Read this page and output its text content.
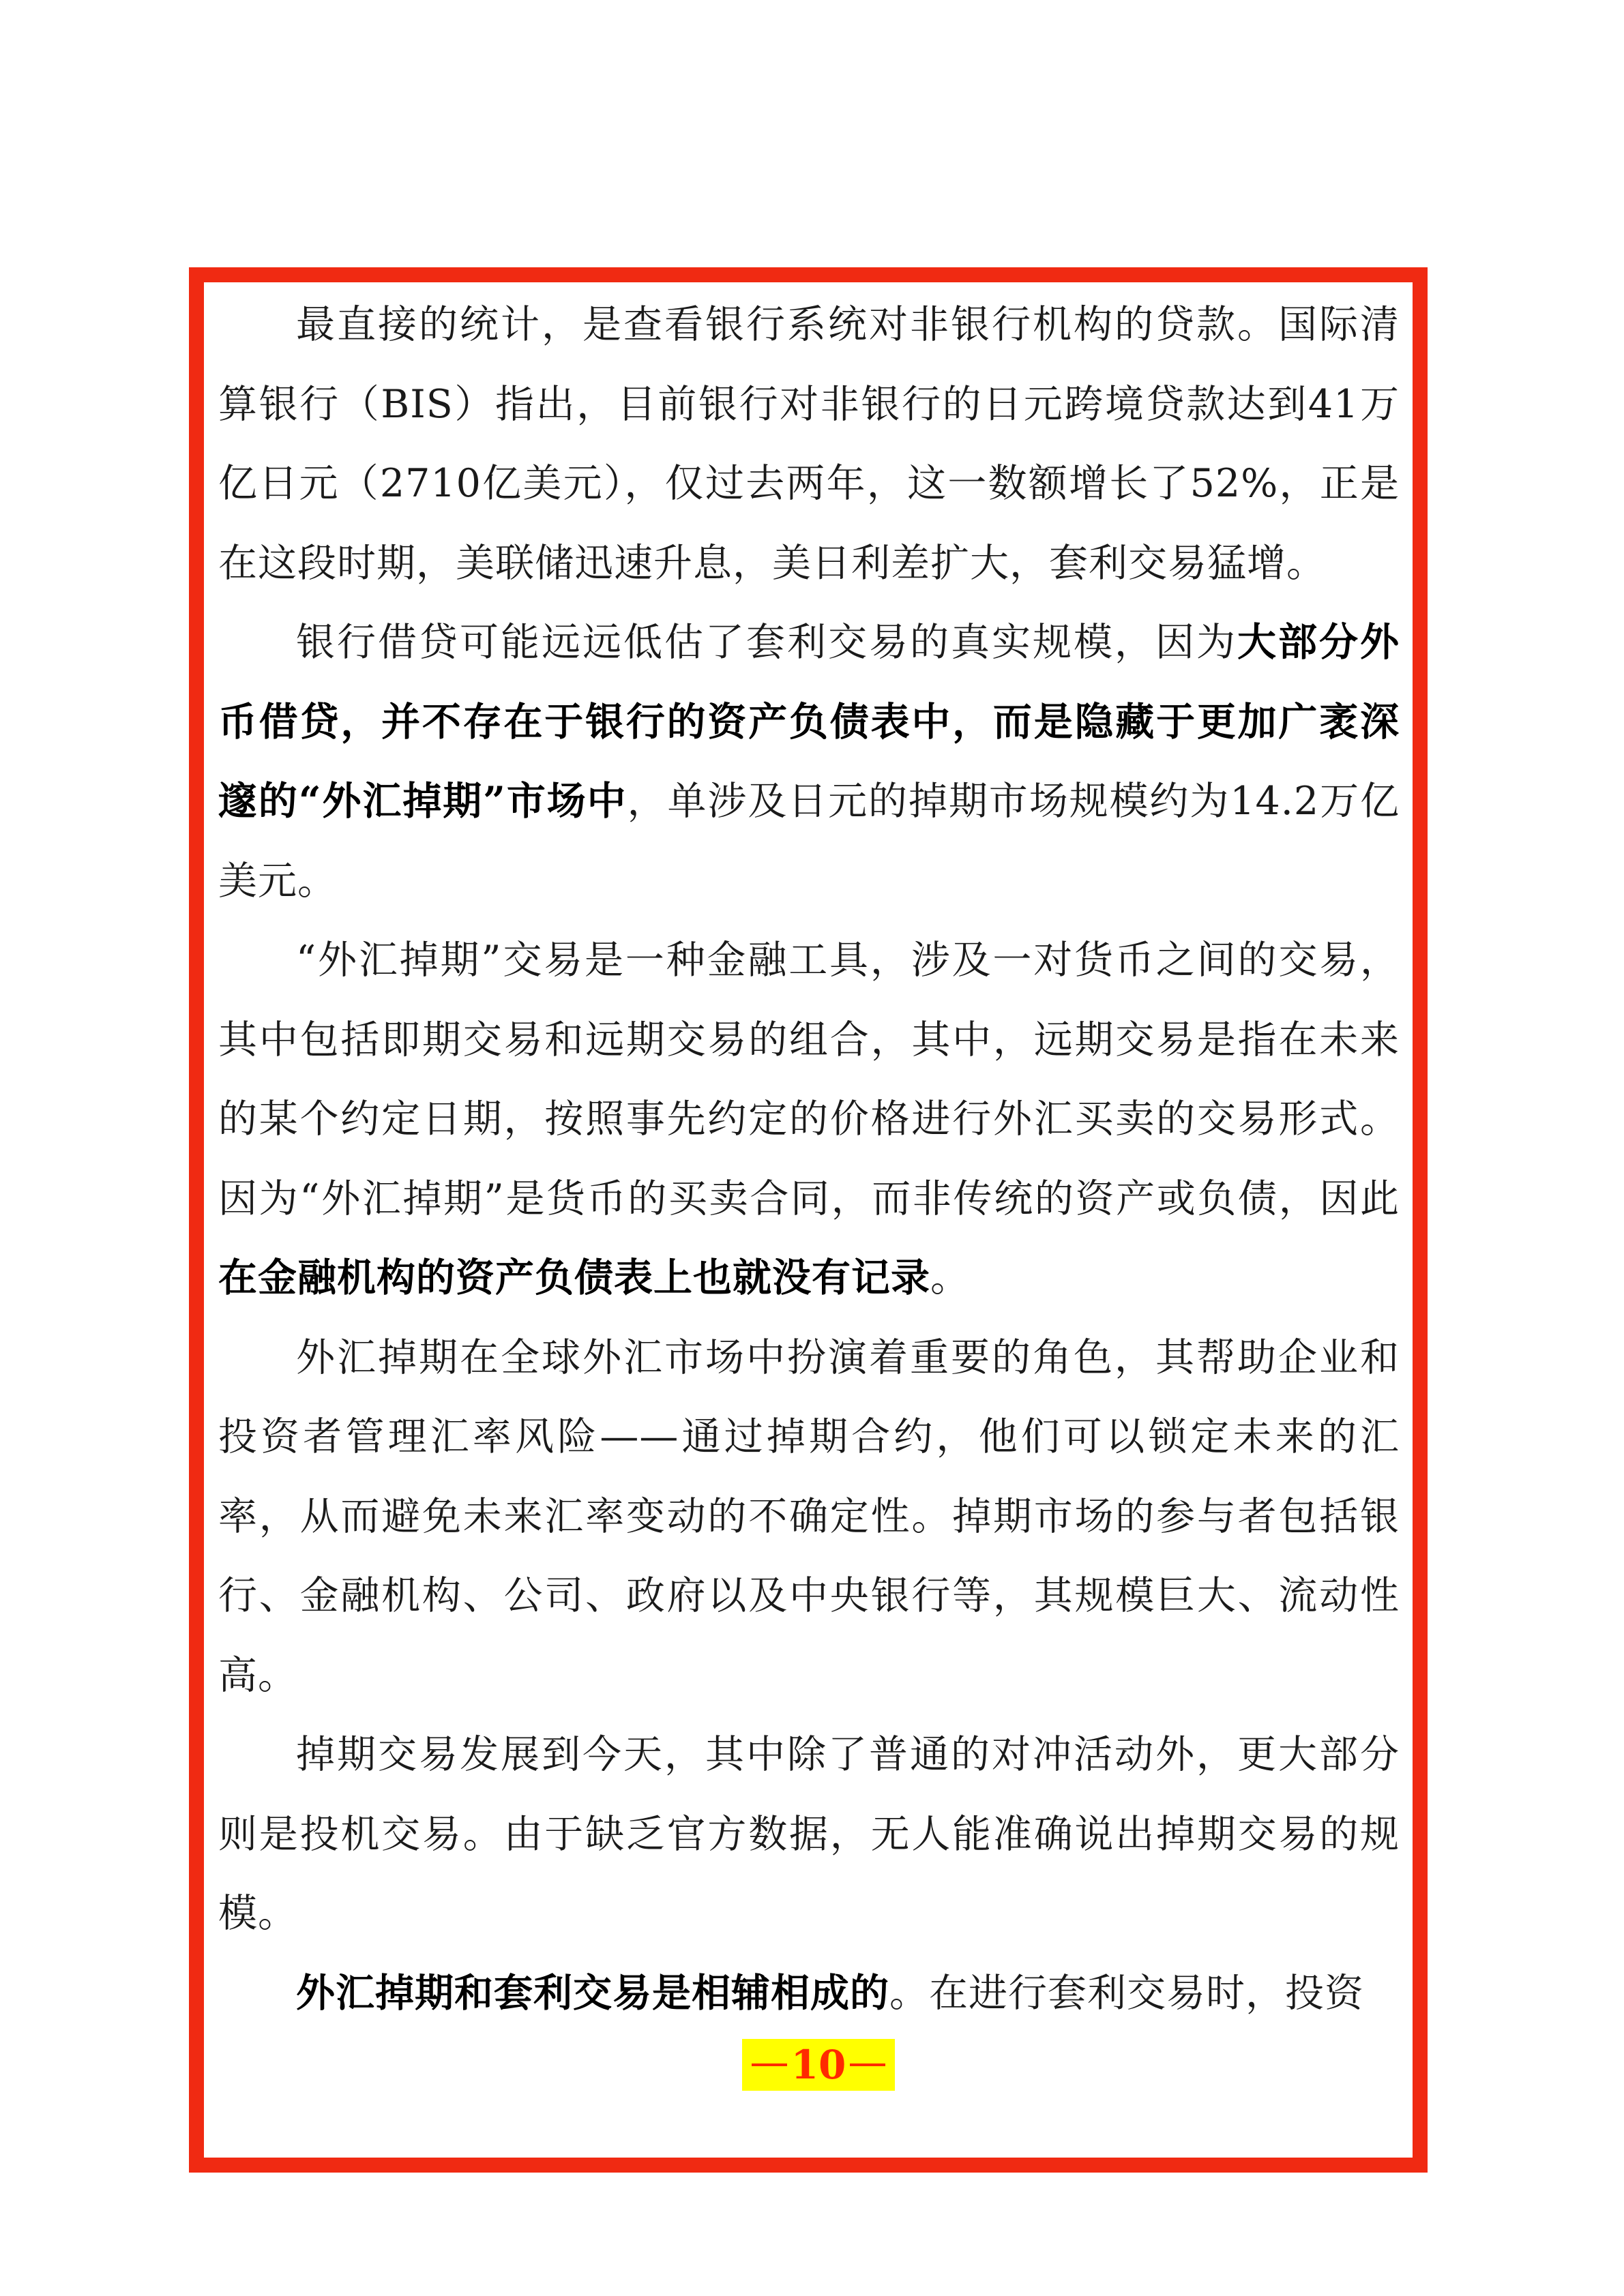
最直接的统计，是查看银行系统对非银行机构的贷款。国际清算银行（BIS）指出，目前银行对非银行的日元跨境贷款达到41万亿日元（2710亿美元），仅过去两年，这一数额增长了52%，正是在这段时期，美联储迅速升息，美日利差扩大，套利交易猛增。

银行借贷可能远远低估了套利交易的真实规模，因为大部分外币借贷，并不存在于银行的资产负债表中，而是隐藏于更加广袤深邃的“外汇掉期”市场中，单涉及日元的掉期市场规模约为14.2万亿美元。

“外汇掉期”交易是一种金融工具，涉及一对货币之间的交易，其中包括即期交易和远期交易的组合，其中，远期交易是指在未来的某个约定日期，按照事先约定的价格进行外汇买卖的交易形式。因为“外汇掉期”是货币的买卖合同，而非传统的资产或负债，因此在金融机构的资产负债表上也就没有记录。

外汇掉期在全球外汇市场中扮演着重要的角色，其帮助企业和投资者管理汇率风险——通过掉期合约，他们可以锁定未来的汇率，从而避免未来汇率变动的不确定性。掉期市场的参与者包括银行、金融机构、公司、政府以及中央银行等，其规模巨大、流动性高。

掉期交易发展到今天，其中除了普通的对冲活动外，更大部分则是投机交易。由于缺乏官方数据，无人能准确说出掉期交易的规模。

外汇掉期和套利交易是相辅相成的。在进行套利交易时，投资

10
